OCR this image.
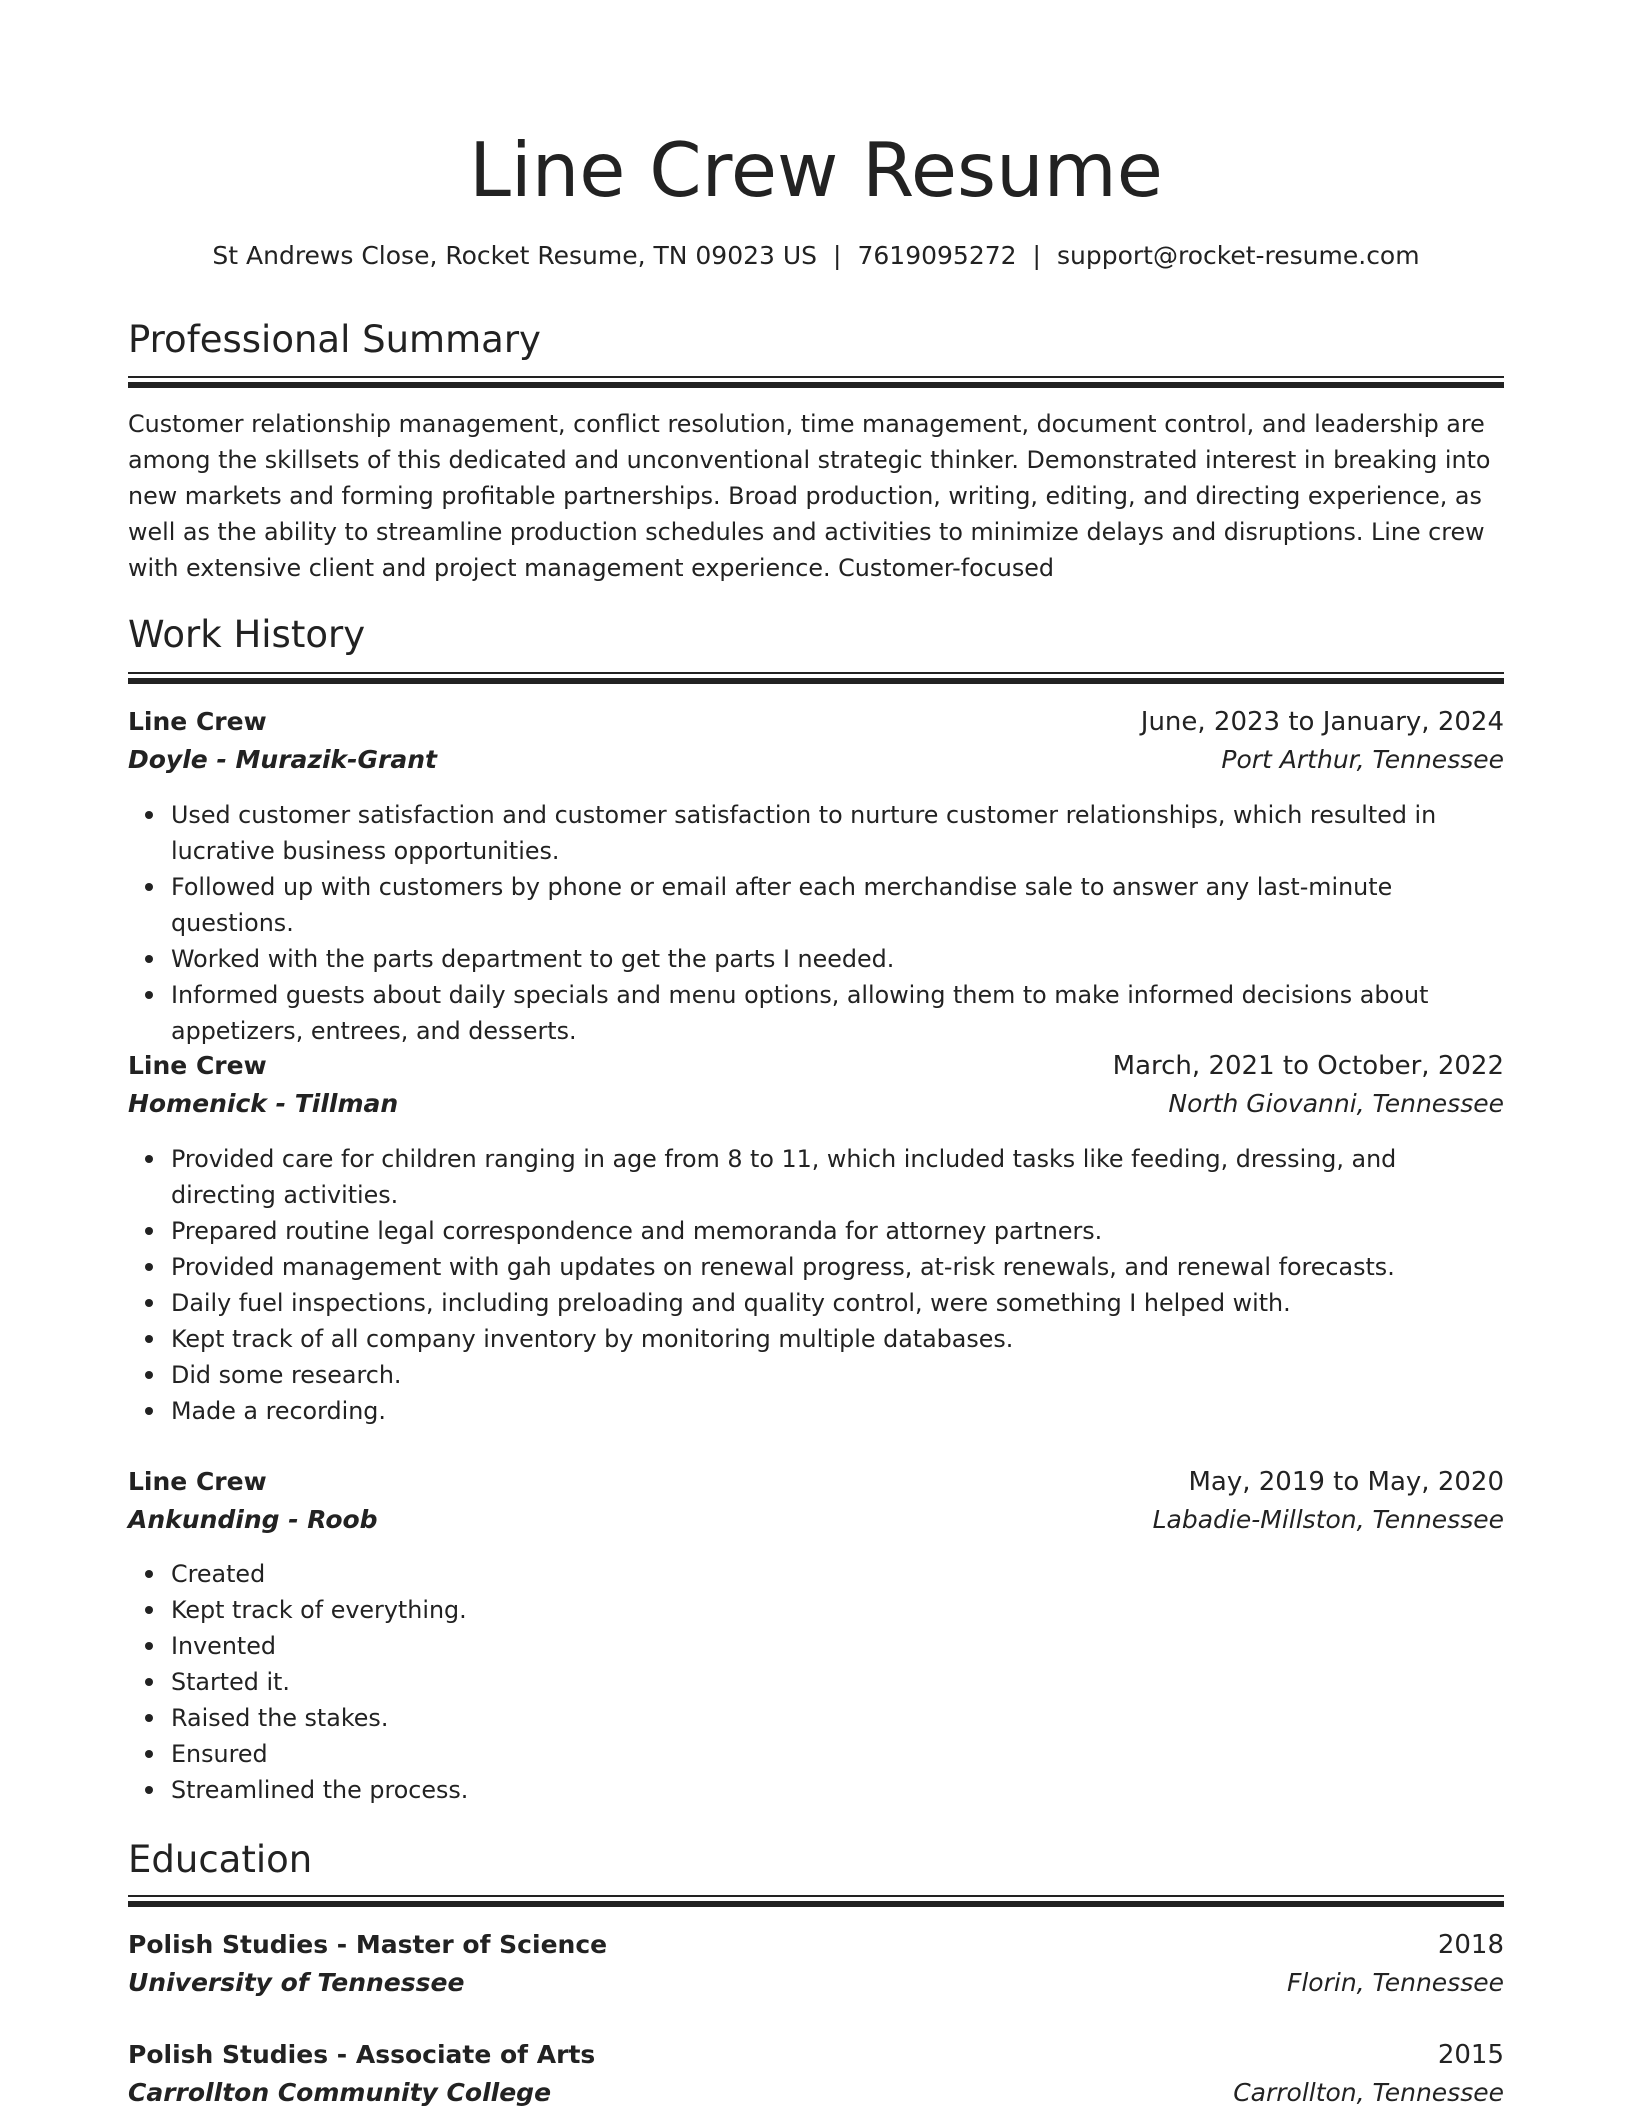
Line Crew Resume
St Andrews Close, Rocket Resume, TN 09023 US | 7619095272 | support@rocket-resume.com
Professional Summary

Customer relationship management, conflict resolution, time management, document control, and leadership are among the skillsets of this dedicated and unconventional strategic thinker. Demonstrated interest in breaking into new markets and forming profitable partnerships. Broad production, writing, editing, and directing experience, as well as the ability to streamline production schedules and activities to minimize delays and disruptions. Line crew with extensive client and project management experience. Customer-focused

Work History
Line Crew	June, 2023 to January, 2024
Doyle - Murazik-Grant	Port Arthur, Tennessee
Used customer satisfaction and customer satisfaction to nurture customer relationships, which resulted in lucrative business opportunities.
Followed up with customers by phone or email after each merchandise sale to answer any last-minute questions.
Worked with the parts department to get the parts I needed.
Informed guests about daily specials and menu options, allowing them to make informed decisions about appetizers, entrees, and desserts.
Line Crew	March, 2021 to October, 2022
Homenick - Tillman	North Giovanni, Tennessee
Provided care for children ranging in age from 8 to 11, which included tasks like feeding, dressing, and directing activities.
Prepared routine legal correspondence and memoranda for attorney partners.
Provided management with gah updates on renewal progress, at-risk renewals, and renewal forecasts.
Daily fuel inspections, including preloading and quality control, were something I helped with.
Kept track of all company inventory by monitoring multiple databases.
Did some research.
Made a recording.
Line Crew	May, 2019 to May, 2020
Ankunding - Roob	Labadie-Millston, Tennessee
Created
Kept track of everything.
Invented
Started it.
Raised the stakes.
Ensured
Streamlined the process.
Education
Polish Studies - Master of Science	2018
University of Tennessee	Florin, Tennessee
Polish Studies - Associate of Arts	2015
Carrollton Community College	Carrollton, Tennessee
